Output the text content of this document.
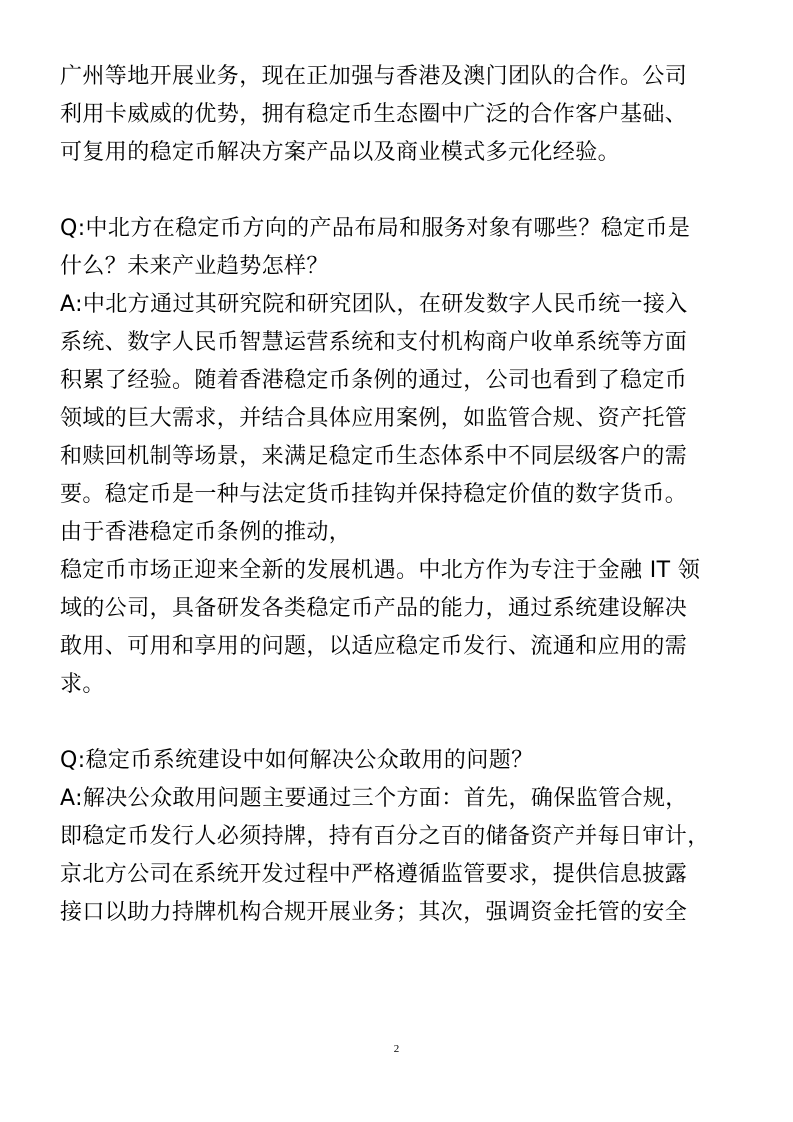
广州等地开展业务，现在正加强与香港及澳门团队的合作。公司
利用卡威威的优势，拥有稳定币生态圈中广泛的合作客户基础、
可复用的稳定币解决方案产品以及商业模式多元化经验。
Q:中北方在稳定币方向的产品布局和服务对象有哪些？稳定币是
什么？未来产业趋势怎样？
A:中北方通过其研究院和研究团队，在研发数字人民币统一接入
系统、数字人民币智慧运营系统和支付机构商户收单系统等方面
积累了经验。随着香港稳定币条例的通过，公司也看到了稳定币
领域的巨大需求，并结合具体应用案例，如监管合规、资产托管
和赎回机制等场景，来满足稳定币生态体系中不同层级客户的需
要。稳定币是一种与法定货币挂钩并保持稳定价值的数字货币。
由于香港稳定币条例的推动，
稳定币市场正迎来全新的发展机遇。中北方作为专注于金融 IT 领
域的公司，具备研发各类稳定币产品的能力，通过系统建设解决
敢用、可用和享用的问题，以适应稳定币发行、流通和应用的需
求。
Q:稳定币系统建设中如何解决公众敢用的问题？
A:解决公众敢用问题主要通过三个方面：首先，确保监管合规，
即稳定币发行人必须持牌，持有百分之百的储备资产并每日审计，
京北方公司在系统开发过程中严格遵循监管要求，提供信息披露
接口以助力持牌机构合规开展业务；其次，强调资金托管的安全
2
